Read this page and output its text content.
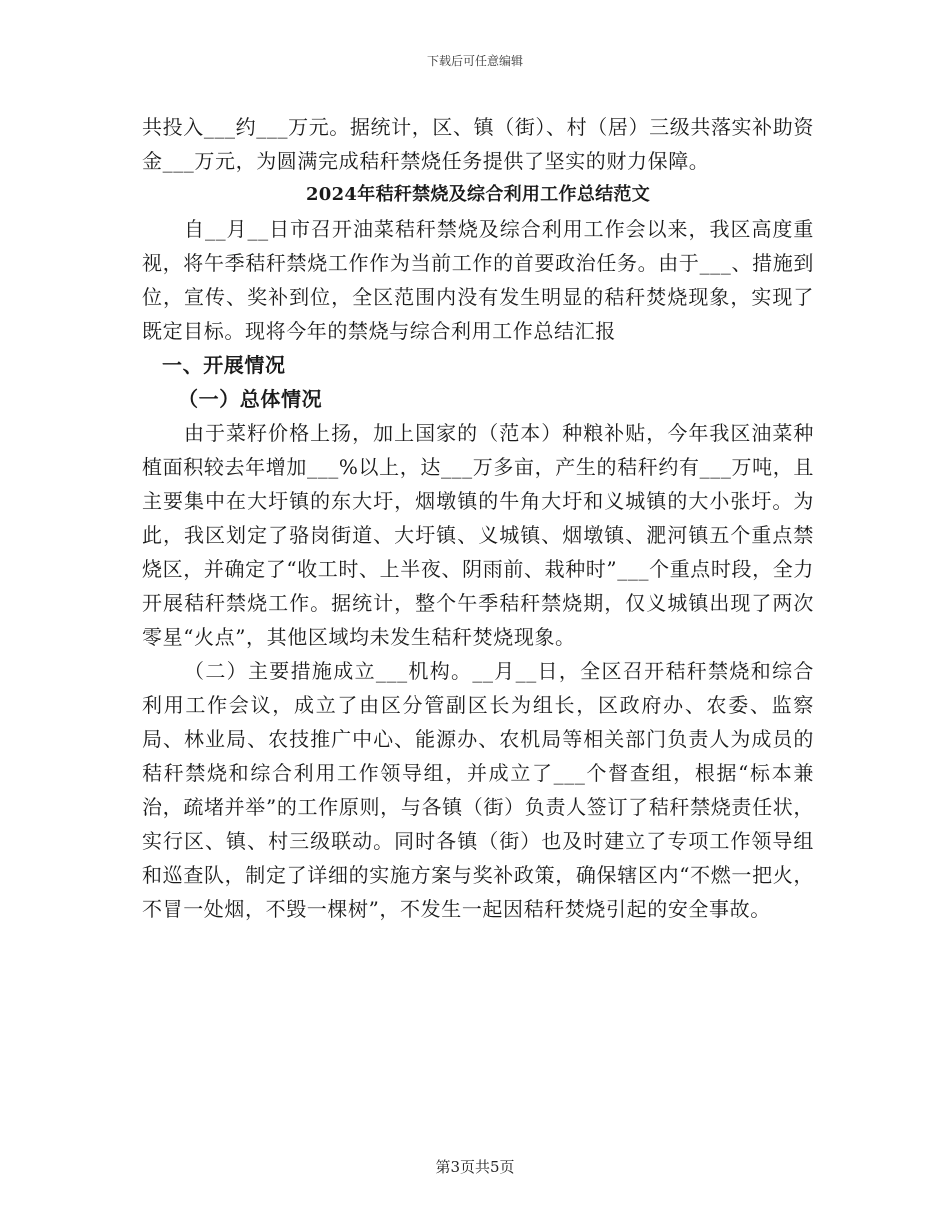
下载后可任意编辑

共投入___约___万元。据统计，区、镇（街）、村（居）三级共落实补助资金___万元，为圆满完成秸秆禁烧任务提供了坚实的财力保障。

2024年秸秆禁烧及综合利用工作总结范文

自__月__日市召开油菜秸秆禁烧及综合利用工作会以来，我区高度重视，将午季秸秆禁烧工作作为当前工作的首要政治任务。由于___、措施到位，宣传、奖补到位，全区范围内没有发生明显的秸秆焚烧现象，实现了既定目标。现将今年的禁烧与综合利用工作总结汇报

一、开展情况

（一）总体情况

由于菜籽价格上扬，加上国家的（范本）种粮补贴，今年我区油菜种植面积较去年增加___%以上，达___万多亩，产生的秸秆约有___万吨，且主要集中在大圩镇的东大圩，烟墩镇的牛角大圩和义城镇的大小张圩。为此，我区划定了骆岗街道、大圩镇、义城镇、烟墩镇、淝河镇五个重点禁烧区，并确定了“收工时、上半夜、阴雨前、栽种时”___个重点时段，全力开展秸秆禁烧工作。据统计，整个午季秸秆禁烧期，仅义城镇出现了两次零星“火点”，其他区域均未发生秸秆焚烧现象。

（二）主要措施成立___机构。__月__日，全区召开秸秆禁烧和综合利用工作会议，成立了由区分管副区长为组长，区政府办、农委、监察局、林业局、农技推广中心、能源办、农机局等相关部门负责人为成员的秸秆禁烧和综合利用工作领导组，并成立了___个督查组，根据“标本兼治，疏堵并举”的工作原则，与各镇（街）负责人签订了秸秆禁烧责任状，实行区、镇、村三级联动。同时各镇（街）也及时建立了专项工作领导组和巡查队，制定了详细的实施方案与奖补政策，确保辖区内“不燃一把火，不冒一处烟，不毁一棵树”，不发生一起因秸秆焚烧引起的安全事故。

第3页共5页
